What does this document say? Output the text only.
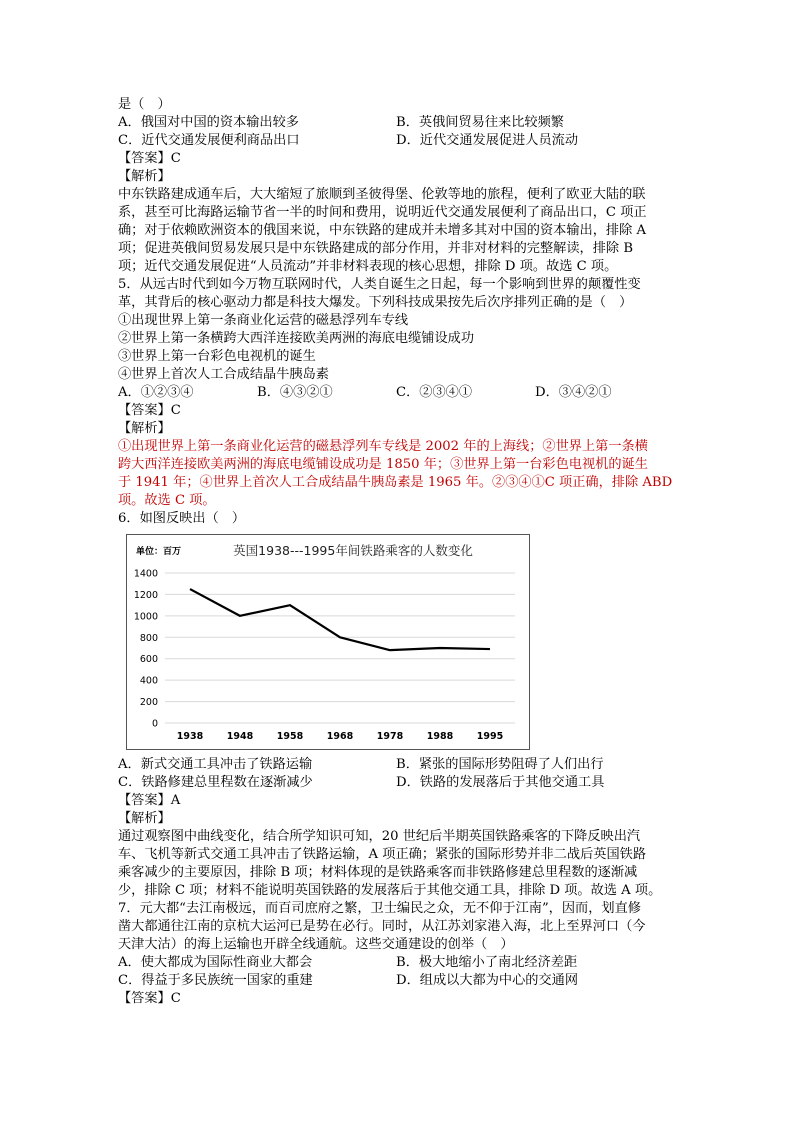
是（　）
A．俄国对中国的资本输出较多	B．英俄间贸易往来比较频繁
C．近代交通发展便利商品出口	D．近代交通发展促进人员流动
【答案】C
【解析】
中东铁路建成通车后，大大缩短了旅顺到圣彼得堡、伦敦等地的旅程，便利了欧亚大陆的联
系，甚至可比海路运输节省一半的时间和费用，说明近代交通发展便利了商品出口，C 项正
确；对于依赖欧洲资本的俄国来说，中东铁路的建成并未增多其对中国的资本输出，排除 A
项；促进英俄间贸易发展只是中东铁路建成的部分作用，并非对材料的完整解读，排除 B
项；近代交通发展促进“人员流动”并非材料表现的核心思想，排除 D 项。故选 C 项。
5．从远古时代到如今万物互联网时代，人类自诞生之日起，每一个影响到世界的颠覆性变
革，其背后的核心驱动力都是科技大爆发。下列科技成果按先后次序排列正确的是（　）
①出现世界上第一条商业化运营的磁悬浮列车专线
②世界上第一条横跨大西洋连接欧美两洲的海底电缆铺设成功
③世界上第一台彩色电视机的诞生
④世界上首次人工合成结晶牛胰岛素
A．①②③④	B．④③②①	C．②③④①	D．③④②①
【答案】C
【解析】
①出现世界上第一条商业化运营的磁悬浮列车专线是 2002 年的上海线；②世界上第一条横
跨大西洋连接欧美两洲的海底电缆铺设成功是 1850 年；③世界上第一台彩色电视机的诞生
于 1941 年；④世界上首次人工合成结晶牛胰岛素是 1965 年。②③④①C 项正确，排除 ABD
项。故选 C 项。
6．如图反映出（　）
单位：百万	英国1938---1995年间铁路乘客的人数变化
0
200
400
600
800
1000
1200
1400
1938 1948 1958 1968 1978 1988 1995
A．新式交通工具冲击了铁路运输	B．紧张的国际形势阻碍了人们出行
C．铁路修建总里程数在逐渐减少	D．铁路的发展落后于其他交通工具
【答案】A
【解析】
通过观察图中曲线变化，结合所学知识可知，20 世纪后半期英国铁路乘客的下降反映出汽
车、飞机等新式交通工具冲击了铁路运输，A 项正确；紧张的国际形势并非二战后英国铁路
乘客减少的主要原因，排除 B 项；材料体现的是铁路乘客而非铁路修建总里程数的逐渐减
少，排除 C 项；材料不能说明英国铁路的发展落后于其他交通工具，排除 D 项。故选 A 项。
7．元大都“去江南极远，而百司庶府之繁，卫士编民之众，无不仰于江南”，因而，划直修
凿大都通往江南的京杭大运河已是势在必行。同时，从江苏刘家港入海，北上至界河口（今
天津大沽）的海上运输也开辟全线通航。这些交通建设的创举（　）
A．使大都成为国际性商业大都会	B．极大地缩小了南北经济差距
C．得益于多民族统一国家的重建	D．组成以大都为中心的交通网
【答案】C
